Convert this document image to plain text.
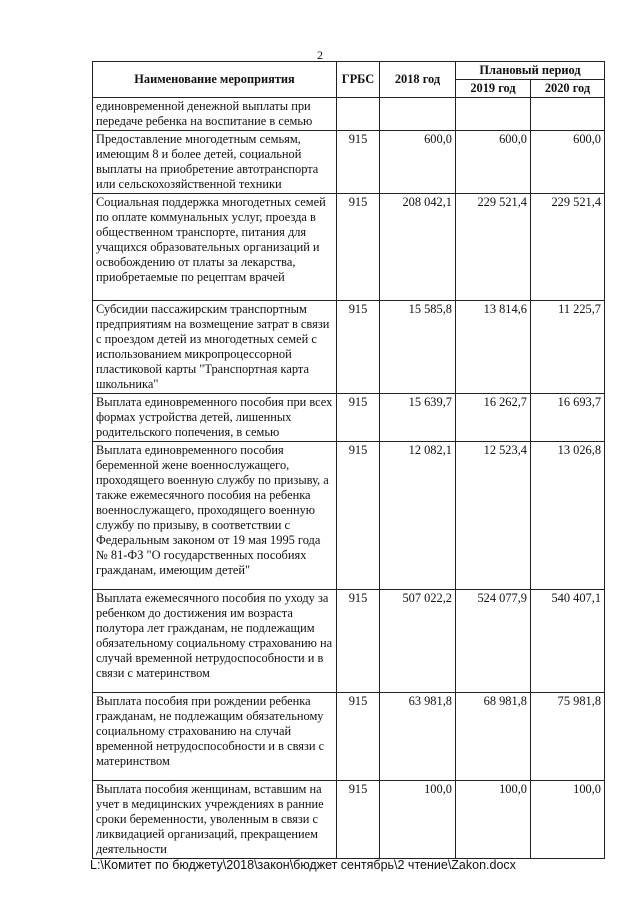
2
Наименование мероприятия	ГРБС	2018 год	Плановый период	
			2019 год	2020 год
единовременной денежной выплаты при передаче ребенка на воспитание в семью				
Предоставление многодетным семьям, имеющим 8 и более детей, социальной выплаты на приобретение автотранспорта или сельскохозяйственной техники	915	600,0	600,0	600,0
Социальная поддержка многодетных семей по оплате коммунальных услуг, проезда в общественном транспорте, питания для учащихся образовательных организаций и освобождению от платы за лекарства, приобретаемые по рецептам врачей	915	208 042,1	229 521,4	229 521,4
Субсидии пассажирским транспортным предприятиям на возмещение затрат в связи с проездом детей из многодетных семей с использованием микропроцессорной пластиковой карты "Транспортная карта школьника"	915	15 585,8	13 814,6	11 225,7
Выплата единовременного пособия при всех формах устройства детей, лишенных родительского попечения, в семью	915	15 639,7	16 262,7	16 693,7
Выплата единовременного пособия беременной жене военнослужащего, проходящего военную службу по призыву, а также ежемесячного пособия на ребенка военнослужащего, проходящего военную службу по призыву, в соответствии с Федеральным законом от 19 мая 1995 года № 81-ФЗ "О государственных пособиях гражданам, имеющим детей"	915	12 082,1	12 523,4	13 026,8
Выплата ежемесячного пособия по уходу за ребенком до достижения им возраста полутора лет гражданам, не подлежащим обязательному социальному страхованию на случай временной нетрудоспособности и в связи с материнством	915	507 022,2	524 077,9	540 407,1
Выплата пособия при рождении ребенка гражданам, не подлежащим обязательному социальному страхованию на случай временной нетрудоспособности и в связи с материнством	915	63 981,8	68 981,8	75 981,8
Выплата пособия женщинам, вставшим на учет в медицинских учреждениях в ранние сроки беременности, уволенным в связи с ликвидацией организаций, прекращением деятельности	915	100,0	100,0	100,0
L:\Комитет по бюджету\2018\закон\бюджет сентябрь\2 чтение\Zakon.docx
